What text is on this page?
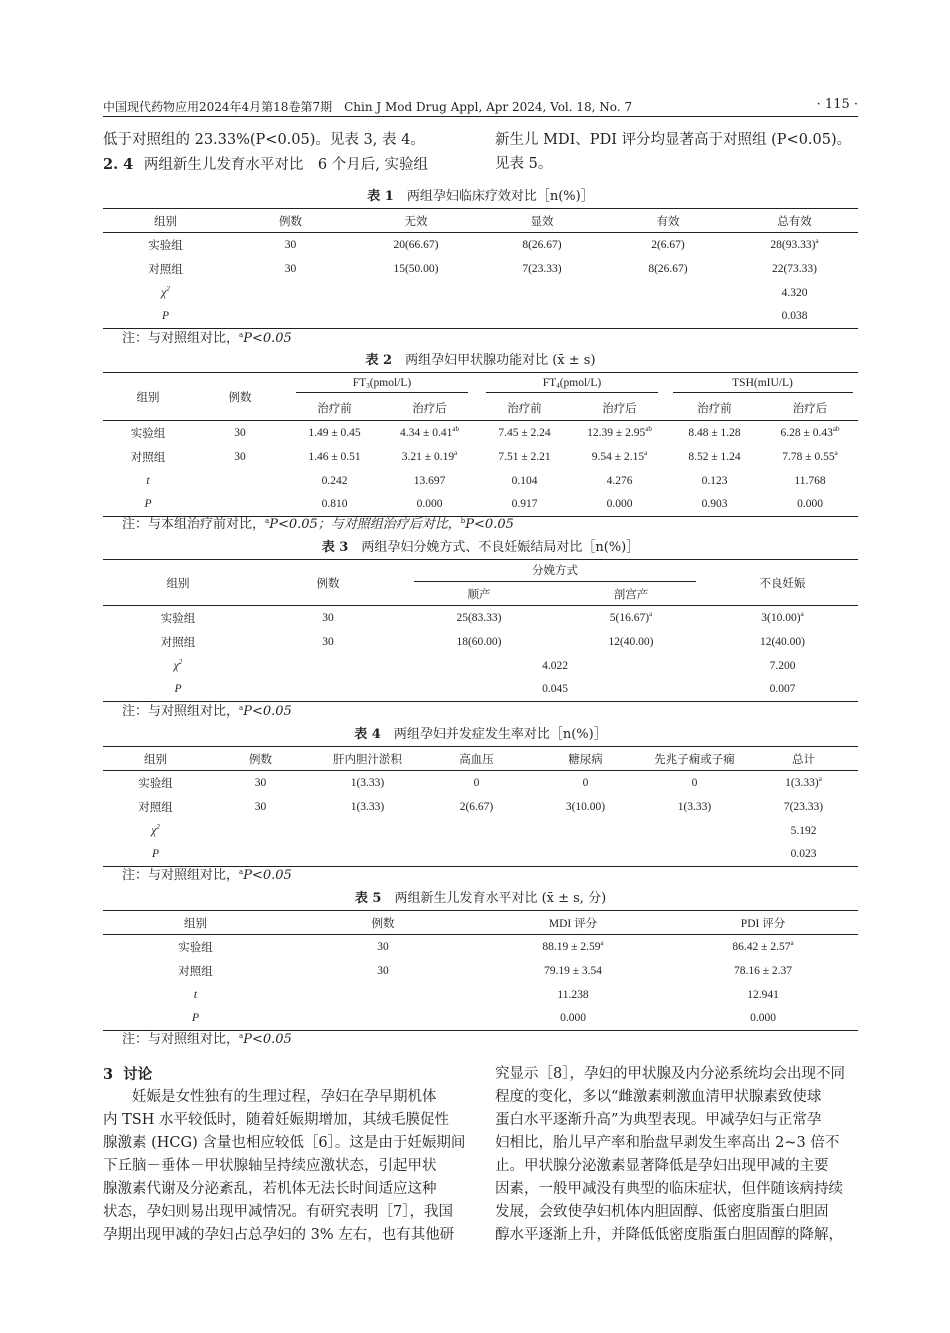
中国现代药物应用2024年4月第18卷第7期　Chin J Mod Drug Appl, Apr 2024, Vol. 18, No. 7	· 115 ·

低于对照组的 23.33%(P<0.05)。见表 3, 表 4。

2. 4 两组新生儿发育水平对比　6 个月后, 实验组

新生儿 MDI、PDI 评分均显著高于对照组 (P<0.05)。

见表 5。

表 1　 两组孕妇临床疗效对比［n(%)］
组别	例数	无效	显效	有效	总有效
实验组	30	20(66.67)	8(26.67)	2(6.67)	$28(93.33)^a$
对照组	30	15(50.00)	7(23.33)	8(26.67)	22(73.33)
$\chi^2$					4.320
P					0.038
注：与对照组对比，$^a$P<0.05
表 2　 两组孕妇甲状腺功能对比 (x̄ ± s)
组别	例数	$FT_3(pmol/L)$		$FT_4(pmol/L)$		TSH(mIU/L)	
		治疗前	治疗后	治疗前	治疗后	治疗前	治疗后
实验组	30	1.49 ± 0.45	4.34 ± 0.41$^{ab}$	7.45 ± 2.24	12.39 ± 2.95$^{ab}$	8.48 ± 1.28	6.28 ± 0.43$^{ab}$
对照组	30	1.46 ± 0.51	3.21 ± 0.19$^a$	7.51 ± 2.21	9.54 ± 2.15$^a$	8.52 ± 1.24	7.78 ± 0.55$^a$
t		0.242	13.697	0.104	4.276	0.123	11.768
P		0.810	0.000	0.917	0.000	0.903	0.000
注：与本组治疗前对比，$^a$P<0.05；与对照组治疗后对比，$^b$P<0.05
表 3　 两组孕妇分娩方式、不良妊娠结局对比［n(%)］
组别	例数	分娩方式		不良妊娠
		顺产	剖宫产	
实验组	30	25(83.33)	$5(16.67)^a$	$3(10.00)^a$
对照组	30	18(60.00)	12(40.00)	12(40.00)
$\chi^2$		4.022		7.200
P		0.045		0.007
注：与对照组对比，$^a$P<0.05
表 4　 两组孕妇并发症发生率对比［n(%)］
组别	例数	肝内胆汁淤积	高血压	糖尿病	先兆子痫或子痫	总计
实验组	30	1(3.33)	0	0	0	$1(3.33)^a$
对照组	30	1(3.33)	2(6.67)	3(10.00)	1(3.33)	7(23.33)
$\chi^2$						5.192
P						0.023
注：与对照组对比，$^a$P<0.05
表 5　 两组新生儿发育水平对比 (x̄ ± s, 分)
组别	例数	MDI 评分	PDI 评分
实验组	30	88.19 ± 2.59$^a$	86.42 ± 2.57$^a$
对照组	30	79.19 ± 3.54	78.16 ± 2.37
t		11.238	12.941
P		0.000	0.000
注：与对照组对比，$^a$P<0.05

3 讨论

　　妊娠是女性独有的生理过程，孕妇在孕早期机体

内 TSH 水平较低时，随着妊娠期增加，其绒毛膜促性

腺激素 (HCG) 含量也相应较低［6］。这是由于妊娠期间

下丘脑－垂体－甲状腺轴呈持续应激状态，引起甲状

腺激素代谢及分泌紊乱，若机体无法长时间适应这种

状态，孕妇则易出现甲减情况。有研究表明［7］，我国

孕期出现甲减的孕妇占总孕妇的 3% 左右，也有其他研

究显示［8］，孕妇的甲状腺及内分泌系统均会出现不同

程度的变化，多以“雌激素刺激血清甲状腺素致使球

蛋白水平逐渐升高”为典型表现。甲减孕妇与正常孕

妇相比，胎儿早产率和胎盘早剥发生率高出 2~3 倍不

止。甲状腺分泌激素显著降低是孕妇出现甲减的主要

因素，一般甲减没有典型的临床症状，但伴随该病持续

发展，会致使孕妇机体内胆固醇、低密度脂蛋白胆固

醇水平逐渐上升，并降低低密度脂蛋白胆固醇的降解，
